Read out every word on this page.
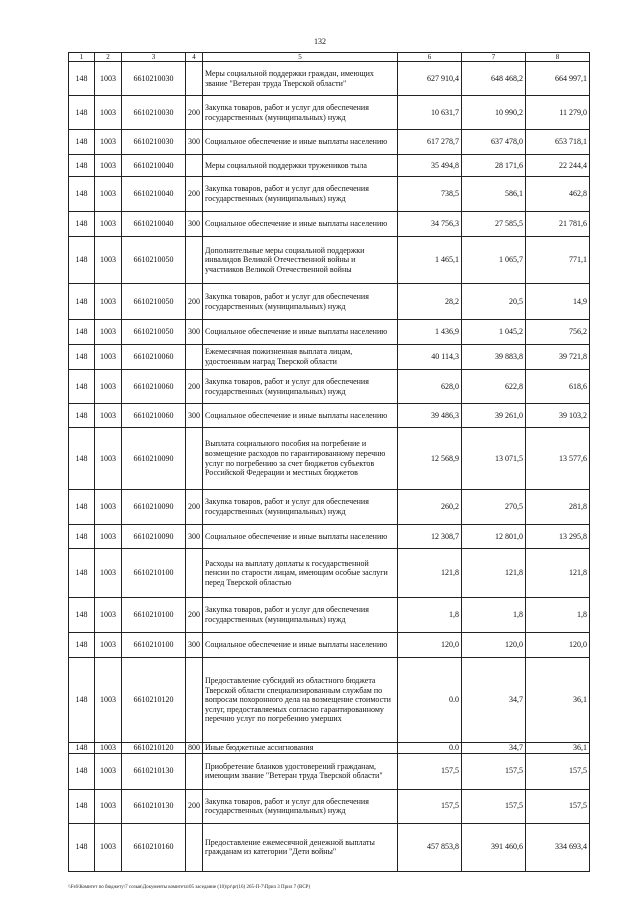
132
1	2	3	4	5	6	7	8
148	1003	6610210030		Меры социальной поддержки граждан, имеющих звание "Ветеран труда Тверской области"	627 910,4	648 468,2	664 997,1
148	1003	6610210030	200	Закупка товаров, работ и услуг для обеспечения государственных (муниципальных) нужд	10 631,7	10 990,2	11 279,0
148	1003	6610210030	300	Социальное обеспечение и иные выплаты населению	617 278,7	637 478,0	653 718,1
148	1003	6610210040		Меры социальной поддержки тружеников тыла	35 494,8	28 171,6	22 244,4
148	1003	6610210040	200	Закупка товаров, работ и услуг для обеспечения государственных (муниципальных) нужд	738,5	586,1	462,8
148	1003	6610210040	300	Социальное обеспечение и иные выплаты населению	34 756,3	27 585,5	21 781,6
148	1003	6610210050		Дополнительные меры социальной поддержки инвалидов Великой Отечественной войны и участников Великой Отечественной войны	1 465,1	1 065,7	771,1
148	1003	6610210050	200	Закупка товаров, работ и услуг для обеспечения государственных (муниципальных) нужд	28,2	20,5	14,9
148	1003	6610210050	300	Социальное обеспечение и иные выплаты населению	1 436,9	1 045,2	756,2
148	1003	6610210060		Ежемесячная пожизненная выплата лицам, удостоенным наград Тверской области	40 114,3	39 883,8	39 721,8
148	1003	6610210060	200	Закупка товаров, работ и услуг для обеспечения государственных (муниципальных) нужд	628,0	622,8	618,6
148	1003	6610210060	300	Социальное обеспечение и иные выплаты населению	39 486,3	39 261,0	39 103,2
148	1003	6610210090		Выплата социального пособия на погребение и возмещение расходов по гарантированному перечню услуг по погребению за счет бюджетов субъектов Российской Федерации и местных бюджетов	12 568,9	13 071,5	13 577,6
148	1003	6610210090	200	Закупка товаров, работ и услуг для обеспечения государственных (муниципальных) нужд	260,2	270,5	281,8
148	1003	6610210090	300	Социальное обеспечение и иные выплаты населению	12 308,7	12 801,0	13 295,8
148	1003	6610210100		Расходы на выплату доплаты к государственной пенсии по старости лицам, имеющим особые заслуги перед Тверской областью	121,8	121,8	121,8
148	1003	6610210100	200	Закупка товаров, работ и услуг для обеспечения государственных (муниципальных) нужд	1,8	1,8	1,8
148	1003	6610210100	300	Социальное обеспечение и иные выплаты населению	120,0	120,0	120,0
148	1003	6610210120		Предоставление субсидий из областного бюджета Тверской области специализированным службам по вопросам похоронного дела на возмещение стоимости услуг, предоставляемых согласно гарантированному перечню услуг по погребению умерших	0.0	34,7	36,1
148	1003	6610210120	800	Иные бюджетные ассигнования	0.0	34,7	36,1
148	1003	6610210130		Приобретение бланков удостоверений гражданам, имеющим звание "Ветеран труда Тверской области"	157,5	157,5	157,5
148	1003	6610210130	200	Закупка товаров, работ и услуг для обеспечения государственных (муниципальных) нужд	157,5	157,5	157,5
148	1003	6610210160		Предоставление ежемесячной денежной выплаты гражданам из категории "Дети войны"	457 853,8	391 460,6	334 693,4
\\Fs6\Комитет по бюджету\7 созыв\Документы комитета\05 заседание (10)\pr\pr(16) 265-П-7\Прил 3 Прил 7 (ВСР)
